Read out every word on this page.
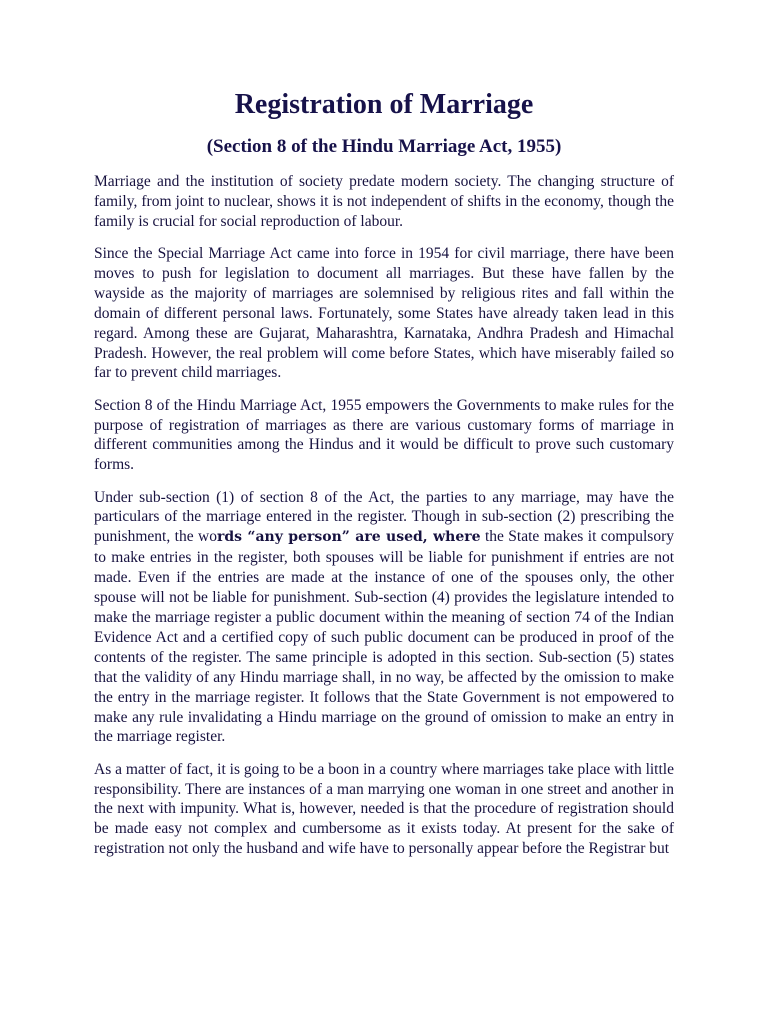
Registration of Marriage
(Section 8 of the Hindu Marriage Act, 1955)

Marriage and the institution of society predate modern society. The changing structure of family, from joint to nuclear, shows it is not independent of shifts in the economy, though the family is crucial for social reproduction of labour.

Since the Special Marriage Act came into force in 1954 for civil marriage, there have been moves to push for legislation to document all marriages. But these have fallen by the wayside as the majority of marriages are solemnised by religious rites and fall within the domain of different personal laws. Fortunately, some States have already taken lead in this regard. Among these are Gujarat, Maharashtra, Karnataka, Andhra Pradesh and Himachal Pradesh. However, the real problem will come before States, which have miserably failed so far to prevent child marriages.

Section 8 of the Hindu Marriage Act, 1955 empowers the Governments to make rules for the purpose of registration of marriages as there are various customary forms of marriage in different communities among the Hindus and it would be difficult to prove such customary forms.

Under sub-section (1) of section 8 of the Act, the parties to any marriage, may have the particulars of the marriage entered in the register. Though in sub-section (2) prescribing the punishment, the words “any person” are used, where the State makes it compulsory to make entries in the register, both spouses will be liable for punishment if entries are not made. Even if the entries are made at the instance of one of the spouses only, the other spouse will not be liable for punishment. Sub-section (4) provides the legislature intended to make the marriage register a public document within the meaning of section 74 of the Indian Evidence Act and a certified copy of such public document can be produced in proof of the contents of the register. The same principle is adopted in this section. Sub-section (5) states that the validity of any Hindu marriage shall, in no way, be affected by the omission to make the entry in the marriage register. It follows that the State Government is not empowered to make any rule invalidating a Hindu marriage on the ground of omission to make an entry in the marriage register.

As a matter of fact, it is going to be a boon in a country where marriages take place with little responsibility. There are instances of a man marrying one woman in one street and another in the next with impunity. What is, however, needed is that the procedure of registration should be made easy not complex and cumbersome as it exists today. At present for the sake of registration not only the husband and wife have to personally appear before the Registrar but
